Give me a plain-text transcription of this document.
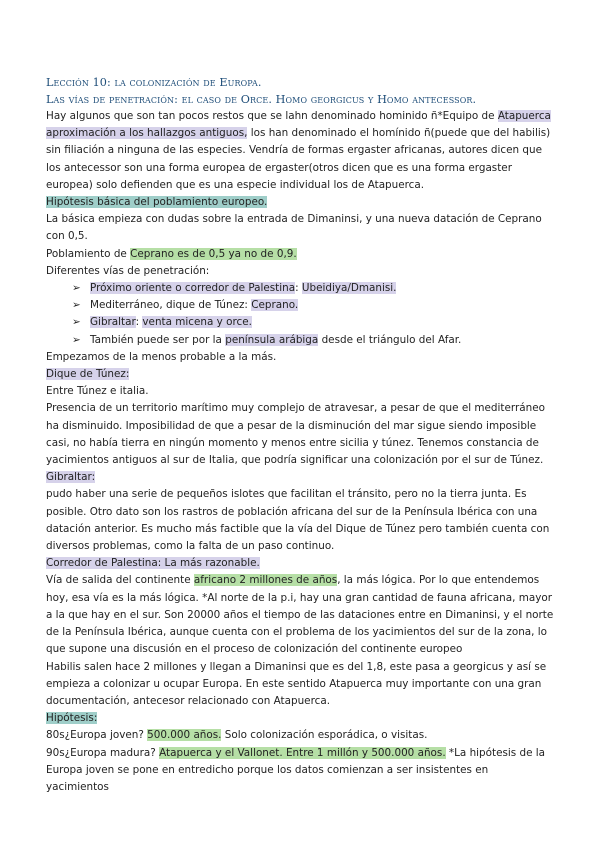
Lección 10: la colonización de Europa.
Las vías de penetración: el caso de Orce. Homo georgicus y Homo antecessor.

Hay algunos que son tan pocos restos que se lahn denominado hominido ñ*Equipo de Atapuerca aproximación a los hallazgos antiguos, los han denominado el homínido ñ(puede que del habilis) sin filiación a ninguna de las especies. Vendría de formas ergaster africanas, autores dicen que los antecessor son una forma europea de ergaster(otros dicen que es una forma ergaster europea) solo defienden que es una especie individual los de Atapuerca.

Hipótesis básica del poblamiento europeo.

La básica empieza con dudas sobre la entrada de Dimaninsi, y una nueva datación de Ceprano con 0,5.

Poblamiento de Ceprano es de 0,5 ya no de 0,9.

Diferentes vías de penetración:

➢ Próximo oriente o corredor de Palestina: Ubeidiya/Dmanisi.
➢ Mediterráneo, dique de Túnez: Ceprano.
➢ Gibraltar: venta micena y orce.
➢ También puede ser por la península arábiga desde el triángulo del Afar.

Empezamos de la menos probable a la más.

Dique de Túnez:

Entre Túnez e italia.

Presencia de un territorio marítimo muy complejo de atravesar, a pesar de que el mediterráneo ha disminuido. Imposibilidad de que a pesar de la disminución del mar sigue siendo imposible casi, no había tierra en ningún momento y menos entre sicilia y túnez. Tenemos constancia de yacimientos antiguos al sur de Italia, que podría significar una colonización por el sur de Túnez.

Gibraltar:

pudo haber una serie de pequeños islotes que facilitan el tránsito, pero no la tierra junta. Es posible. Otro dato son los rastros de población africana del sur de la Península Ibérica con una datación anterior. Es mucho más factible que la vía del Dique de Túnez pero también cuenta con diversos problemas, como la falta de un paso continuo.

Corredor de Palestina: La más razonable.

Vía de salida del continente africano 2 millones de años, la más lógica. Por lo que entendemos hoy, esa vía es la más lógica. *Al norte de la p.i, hay una gran cantidad de fauna africana, mayor a la que hay en el sur. Son 20000 años el tiempo de las dataciones entre en Dimaninsi, y el norte de la Península Ibérica, aunque cuenta con el problema de los yacimientos del sur de la zona, lo que supone una discusión en el proceso de colonización del continente europeo

Habilis salen hace 2 millones y llegan a Dimaninsi que es del 1,8, este pasa a georgicus y así se empieza a colonizar u ocupar Europa. En este sentido Atapuerca muy importante con una gran documentación, antecesor relacionado con Atapuerca.

Hipótesis:

80s¿Europa joven? 500.000 años. Solo colonización esporádica, o visitas.

90s¿Europa madura? Atapuerca y el Vallonet. Entre 1 millón y 500.000 años. *La hipótesis de la Europa joven se pone en entredicho porque los datos comienzan a ser insistentes en yacimientos
